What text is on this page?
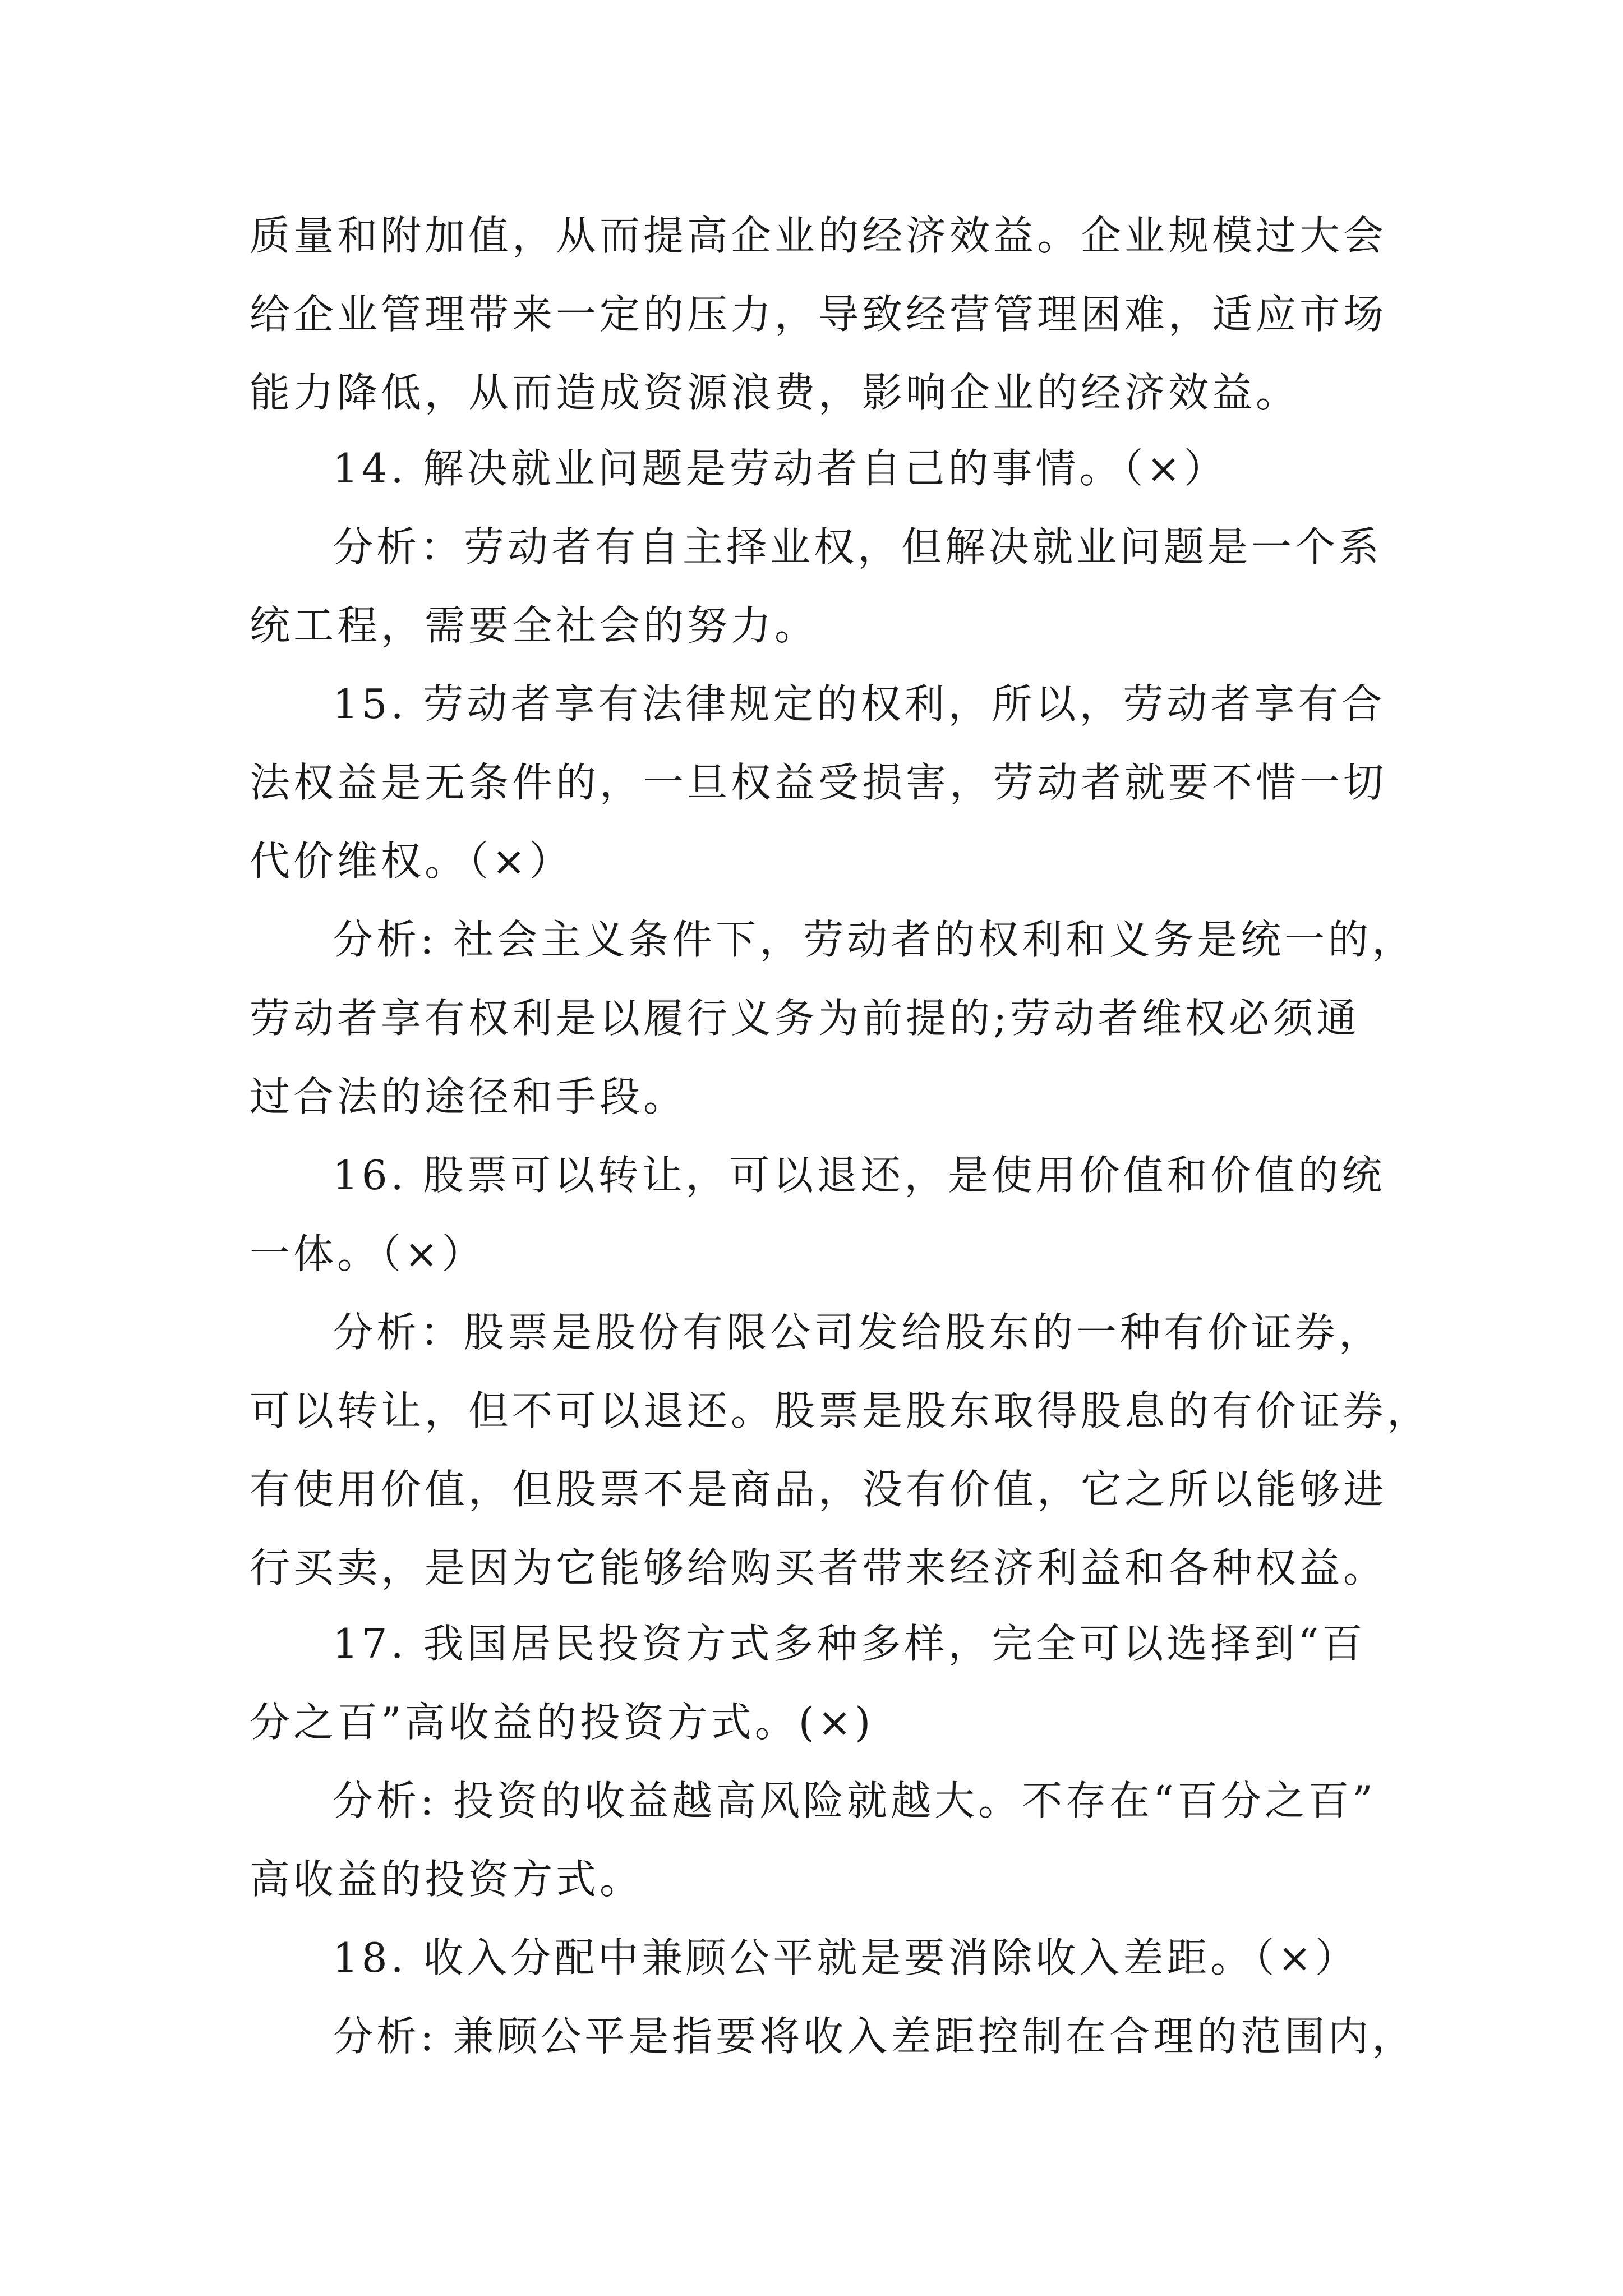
质量和附加值，从而提高企业的经济效益。企业规模过大会
给企业管理带来一定的压力，导致经营管理困难，适应市场
能力降低，从而造成资源浪费，影响企业的经济效益。
14. 解决就业问题是劳动者自己的事情。（×）
分析：劳动者有自主择业权，但解决就业问题是一个系
统工程，需要全社会的努力。
15. 劳动者享有法律规定的权利，所以，劳动者享有合
法权益是无条件的，一旦权益受损害，劳动者就要不惜一切
代价维权。（×）
分析: 社会主义条件下，劳动者的权利和义务是统一的，
劳动者享有权利是以履行义务为前提的;劳动者维权必须通
过合法的途径和手段。
16. 股票可以转让，可以退还，是使用价值和价值的统
一体。（×）
分析：股票是股份有限公司发给股东的一种有价证券，
可以转让，但不可以退还。股票是股东取得股息的有价证券，
有使用价值，但股票不是商品，没有价值，它之所以能够进
行买卖，是因为它能够给购买者带来经济利益和各种权益。
17. 我国居民投资方式多种多样，完全可以选择到“百
分之百”高收益的投资方式。(×)
分析: 投资的收益越高风险就越大。不存在“百分之百”
高收益的投资方式。
18. 收入分配中兼顾公平就是要消除收入差距。（×）
分析: 兼顾公平是指要将收入差距控制在合理的范围内，
